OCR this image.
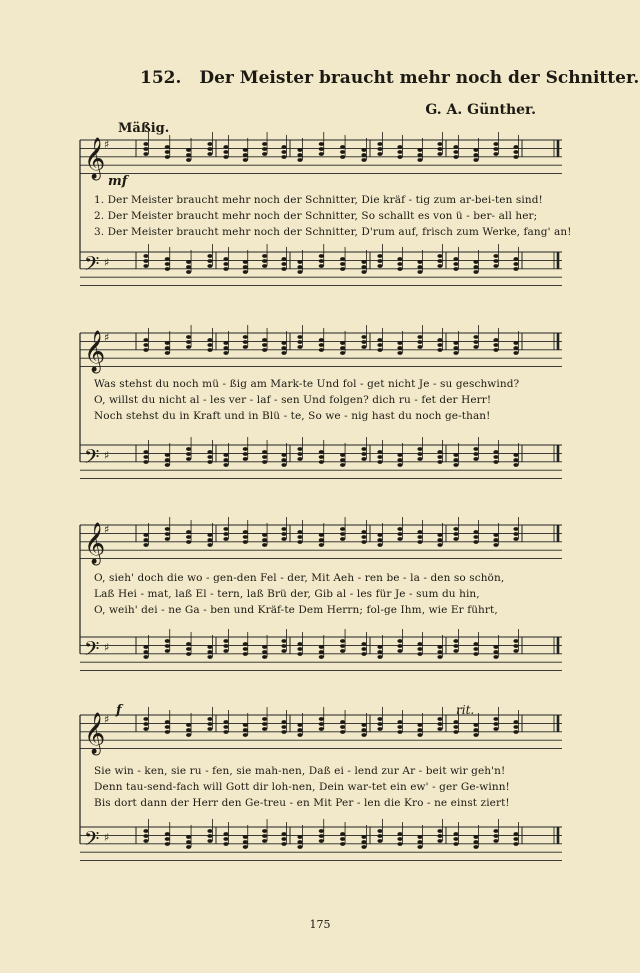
152. Der Meister braucht mehr noch der Schnitter.
G. A. Günther.
Mäßig.
𝄞
♯
𝄢 ♯
mf
1. Der Meister braucht mehr noch der Schnitter, Die kräf - tig zum ar-bei-ten sind!
2. Der Meister braucht mehr noch der Schnitter, So schallt es von ü - ber- all her;
3. Der Meister braucht mehr noch der Schnitter, D'rum auf, frisch zum Werke, fang' an!
𝄞
♯
𝄢 ♯
Was stehst du noch mü - ßig am Mark-te Und fol - get nicht Je - su geschwind?
O, willst du nicht al - les ver - laf - sen Und folgen? dich ru - fet der Herr!
Noch stehst du in Kraft und in Blü - te, So we - nig hast du noch ge-than!
𝄞
♯
𝄢 ♯
O, sieh' doch die wo - gen-den Fel - der, Mit Aeh - ren be - la - den so schön,
Laß Hei - mat, laß El - tern, laß Brü der, Gib al - les für Je - sum du hin,
O, weih' dei - ne Ga - ben und Kräf-te Dem Herrn; fol-ge Ihm, wie Er führt,
𝄞
♯
𝄢 ♯
f	rit.
Sie win - ken, sie ru - fen, sie mah-nen, Daß ei - lend zur Ar - beit wir geh'n!
Denn tau-send-fach will Gott dir loh-nen, Dein war-tet ein ew' - ger Ge-winn!
Bis dort dann der Herr den Ge-treu - en Mit Per - len die Kro - ne einst ziert!
175
